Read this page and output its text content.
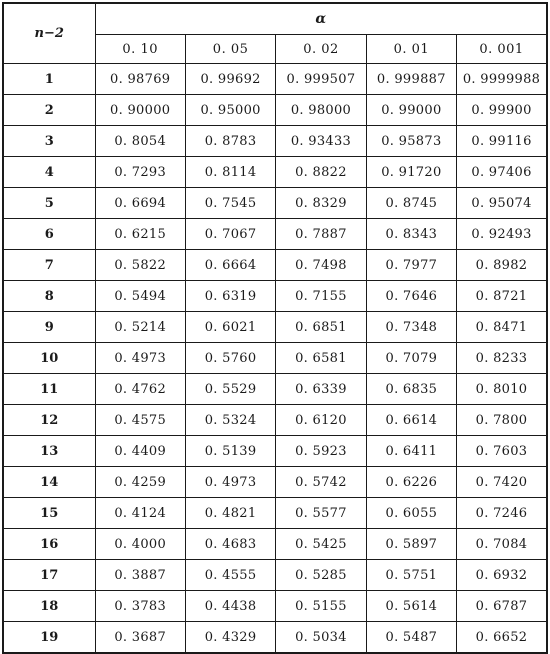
n−2	α				
	0. 10	0. 05	0. 02	0. 01	0. 001
1	0. 98769	0. 99692	0. 999507	0. 999887	0. 9999988
2	0. 90000	0. 95000	0. 98000	0. 99000	0. 99900
3	0. 8054	0. 8783	0. 93433	0. 95873	0. 99116
4	0. 7293	0. 8114	0. 8822	0. 91720	0. 97406
5	0. 6694	0. 7545	0. 8329	0. 8745	0. 95074
6	0. 6215	0. 7067	0. 7887	0. 8343	0. 92493
7	0. 5822	0. 6664	0. 7498	0. 7977	0. 8982
8	0. 5494	0. 6319	0. 7155	0. 7646	0. 8721
9	0. 5214	0. 6021	0. 6851	0. 7348	0. 8471
10	0. 4973	0. 5760	0. 6581	0. 7079	0. 8233
11	0. 4762	0. 5529	0. 6339	0. 6835	0. 8010
12	0. 4575	0. 5324	0. 6120	0. 6614	0. 7800
13	0. 4409	0. 5139	0. 5923	0. 6411	0. 7603
14	0. 4259	0. 4973	0. 5742	0. 6226	0. 7420
15	0. 4124	0. 4821	0. 5577	0. 6055	0. 7246
16	0. 4000	0. 4683	0. 5425	0. 5897	0. 7084
17	0. 3887	0. 4555	0. 5285	0. 5751	0. 6932
18	0. 3783	0. 4438	0. 5155	0. 5614	0. 6787
19	0. 3687	0. 4329	0. 5034	0. 5487	0. 6652
